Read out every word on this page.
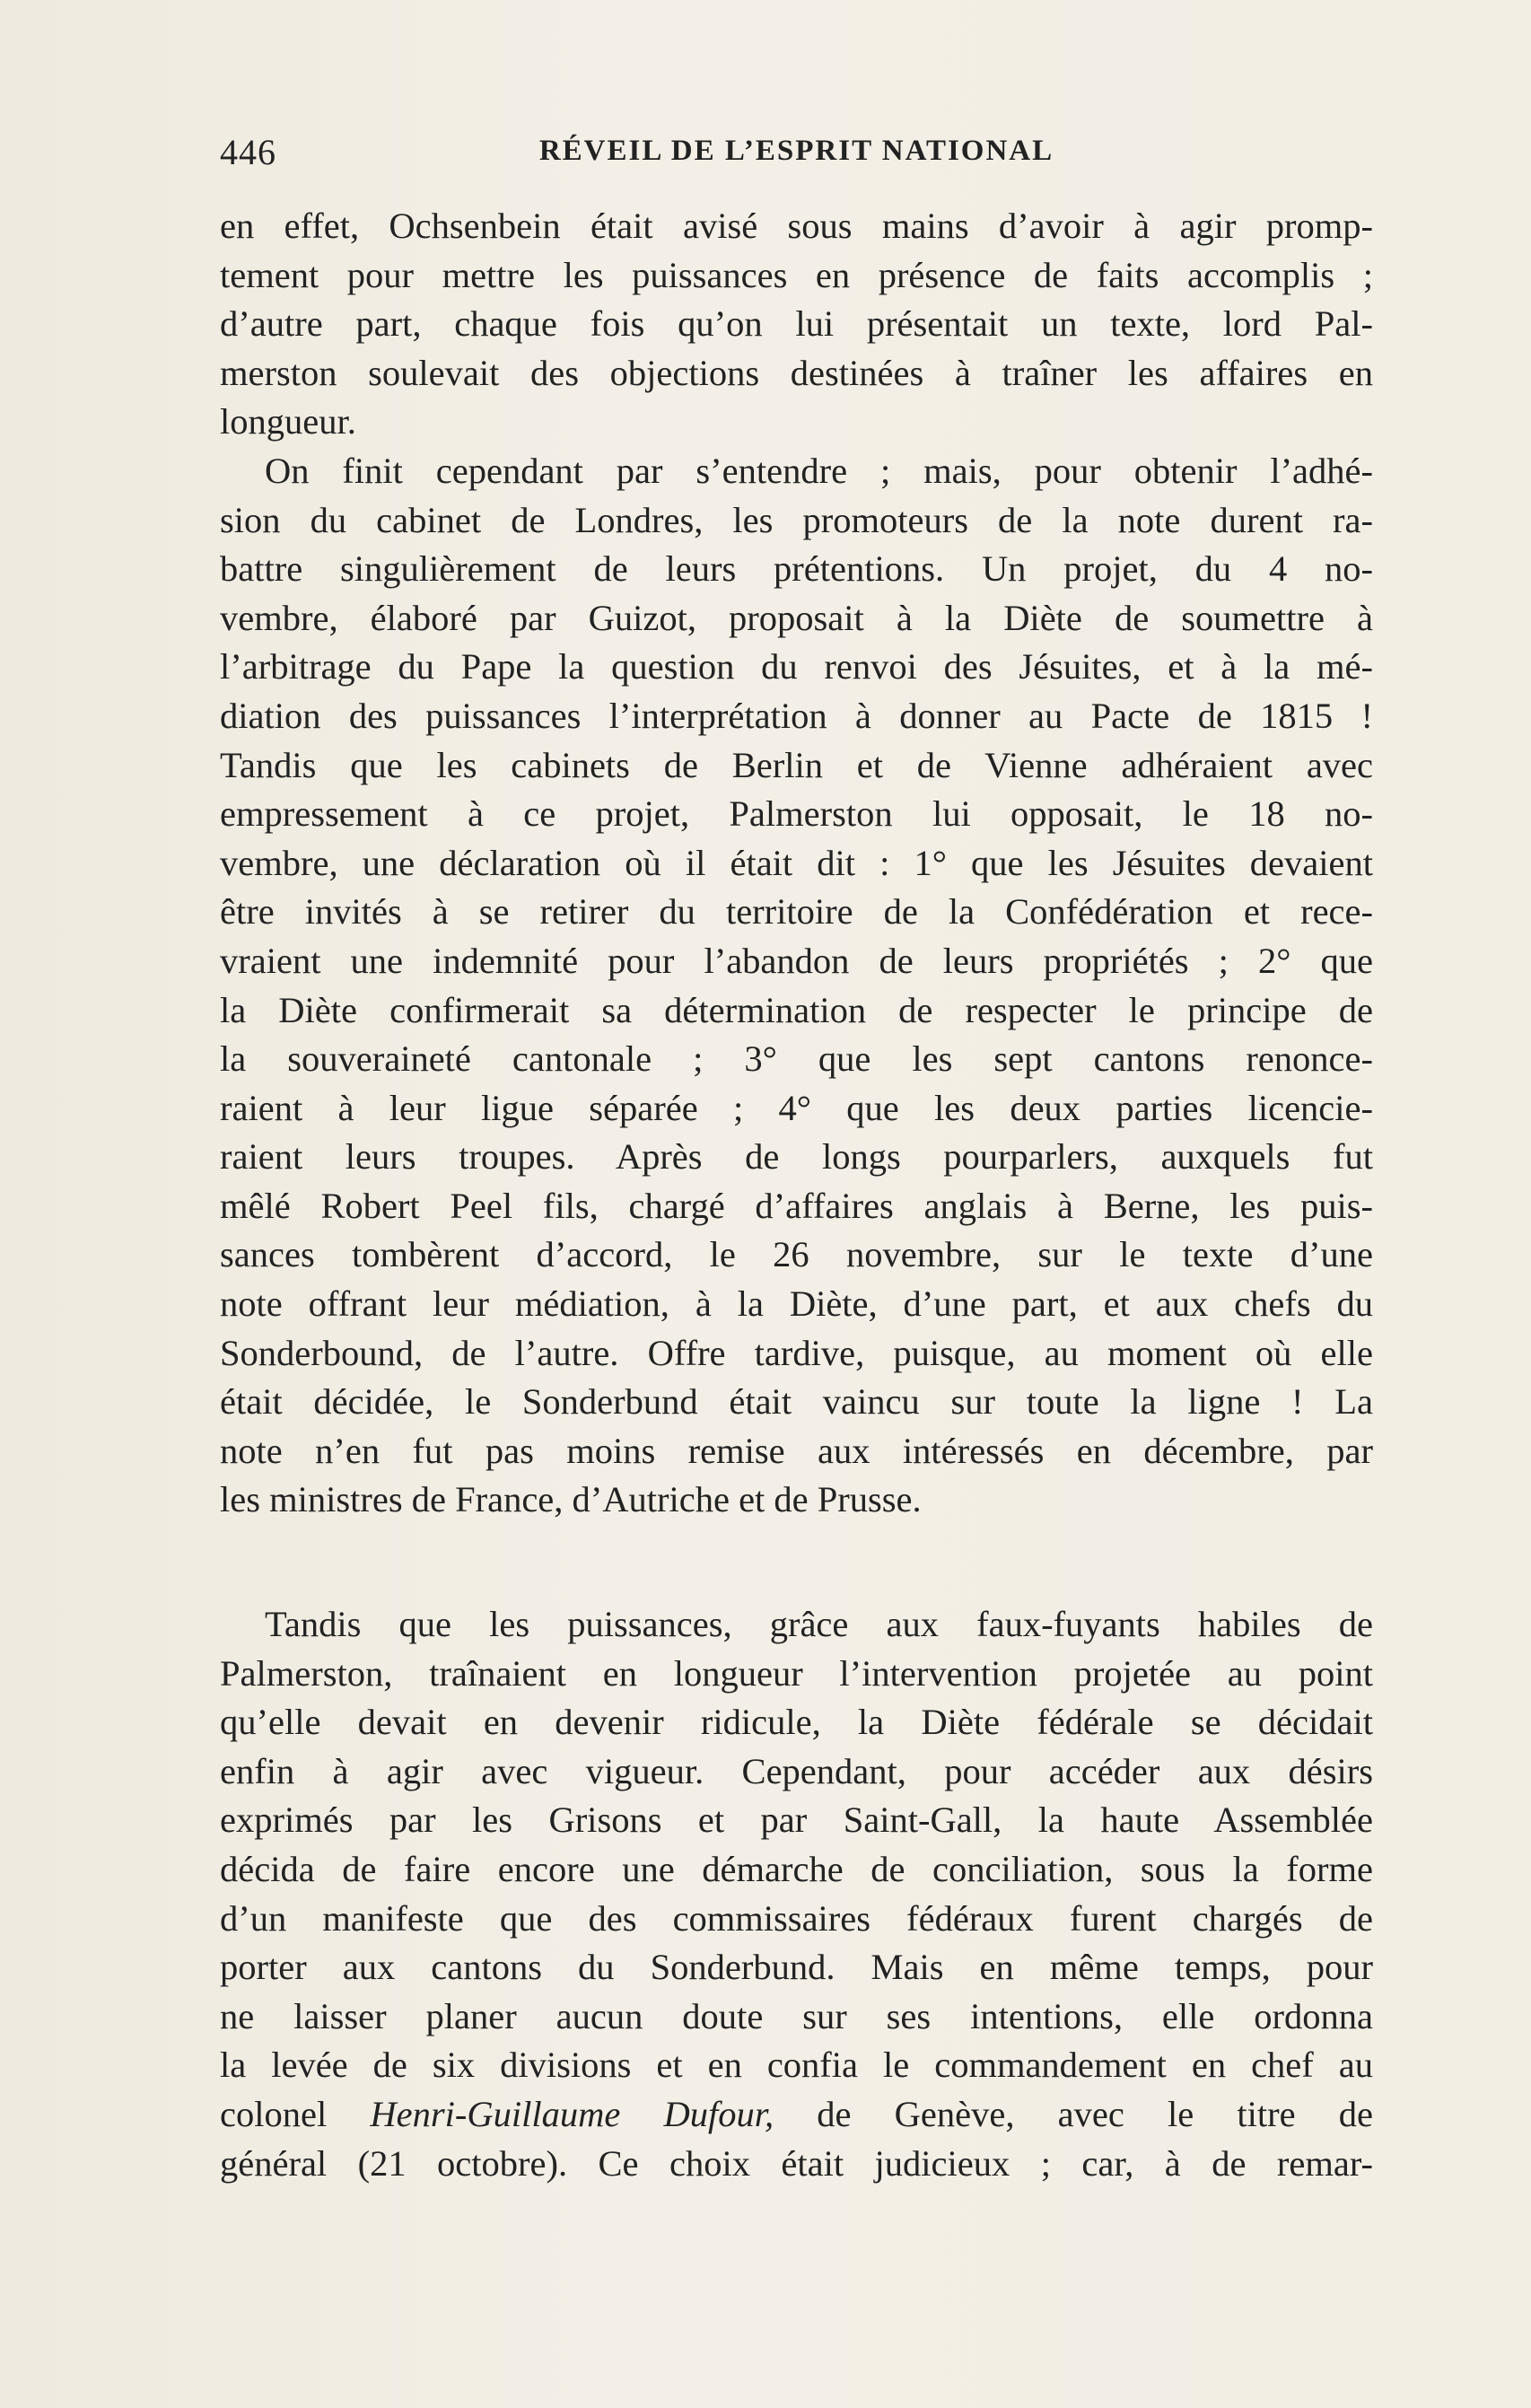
446	RÉVEIL DE L’ESPRIT NATIONAL
en effet, Ochsenbein était avisé sous mains d’avoir à agir promp-
tement pour mettre les puissances en présence de faits accomplis ;
d’autre part, chaque fois qu’on lui présentait un texte, lord Pal-
merston soulevait des objections destinées à traîner les affaires en
longueur.
On finit cependant par s’entendre ; mais, pour obtenir l’adhé-
sion du cabinet de Londres, les promoteurs de la note durent ra-
battre singulièrement de leurs prétentions. Un projet, du 4 no-
vembre, élaboré par Guizot, proposait à la Diète de soumettre à
l’arbitrage du Pape la question du renvoi des Jésuites, et à la mé-
diation des puissances l’interprétation à donner au Pacte de 1815 !
Tandis que les cabinets de Berlin et de Vienne adhéraient avec
empressement à ce projet, Palmerston lui opposait, le 18 no-
vembre, une déclaration où il était dit : 1° que les Jésuites devaient
être invités à se retirer du territoire de la Confédération et rece-
vraient une indemnité pour l’abandon de leurs propriétés ; 2° que
la Diète confirmerait sa détermination de respecter le principe de
la souveraineté cantonale ; 3° que les sept cantons renonce-
raient à leur ligue séparée ; 4° que les deux parties licencie-
raient leurs troupes. Après de longs pourparlers, auxquels fut
mêlé Robert Peel fils, chargé d’affaires anglais à Berne, les puis-
sances tombèrent d’accord, le 26 novembre, sur le texte d’une
note offrant leur médiation, à la Diète, d’une part, et aux chefs du
Sonderbound, de l’autre. Offre tardive, puisque, au moment où elle
était décidée, le Sonderbund était vaincu sur toute la ligne ! La
note n’en fut pas moins remise aux intéressés en décembre, par
les ministres de France, d’Autriche et de Prusse.
Tandis que les puissances, grâce aux faux-fuyants habiles de
Palmerston, traînaient en longueur l’intervention projetée au point
qu’elle devait en devenir ridicule, la Diète fédérale se décidait
enfin à agir avec vigueur. Cependant, pour accéder aux désirs
exprimés par les Grisons et par Saint-Gall, la haute Assemblée
décida de faire encore une démarche de conciliation, sous la forme
d’un manifeste que des commissaires fédéraux furent chargés de
porter aux cantons du Sonderbund. Mais en même temps, pour
ne laisser planer aucun doute sur ses intentions, elle ordonna
la levée de six divisions et en confia le commandement en chef au
colonel Henri-Guillaume Dufour, de Genève, avec le titre de
général (21 octobre). Ce choix était judicieux ; car, à de remar-
